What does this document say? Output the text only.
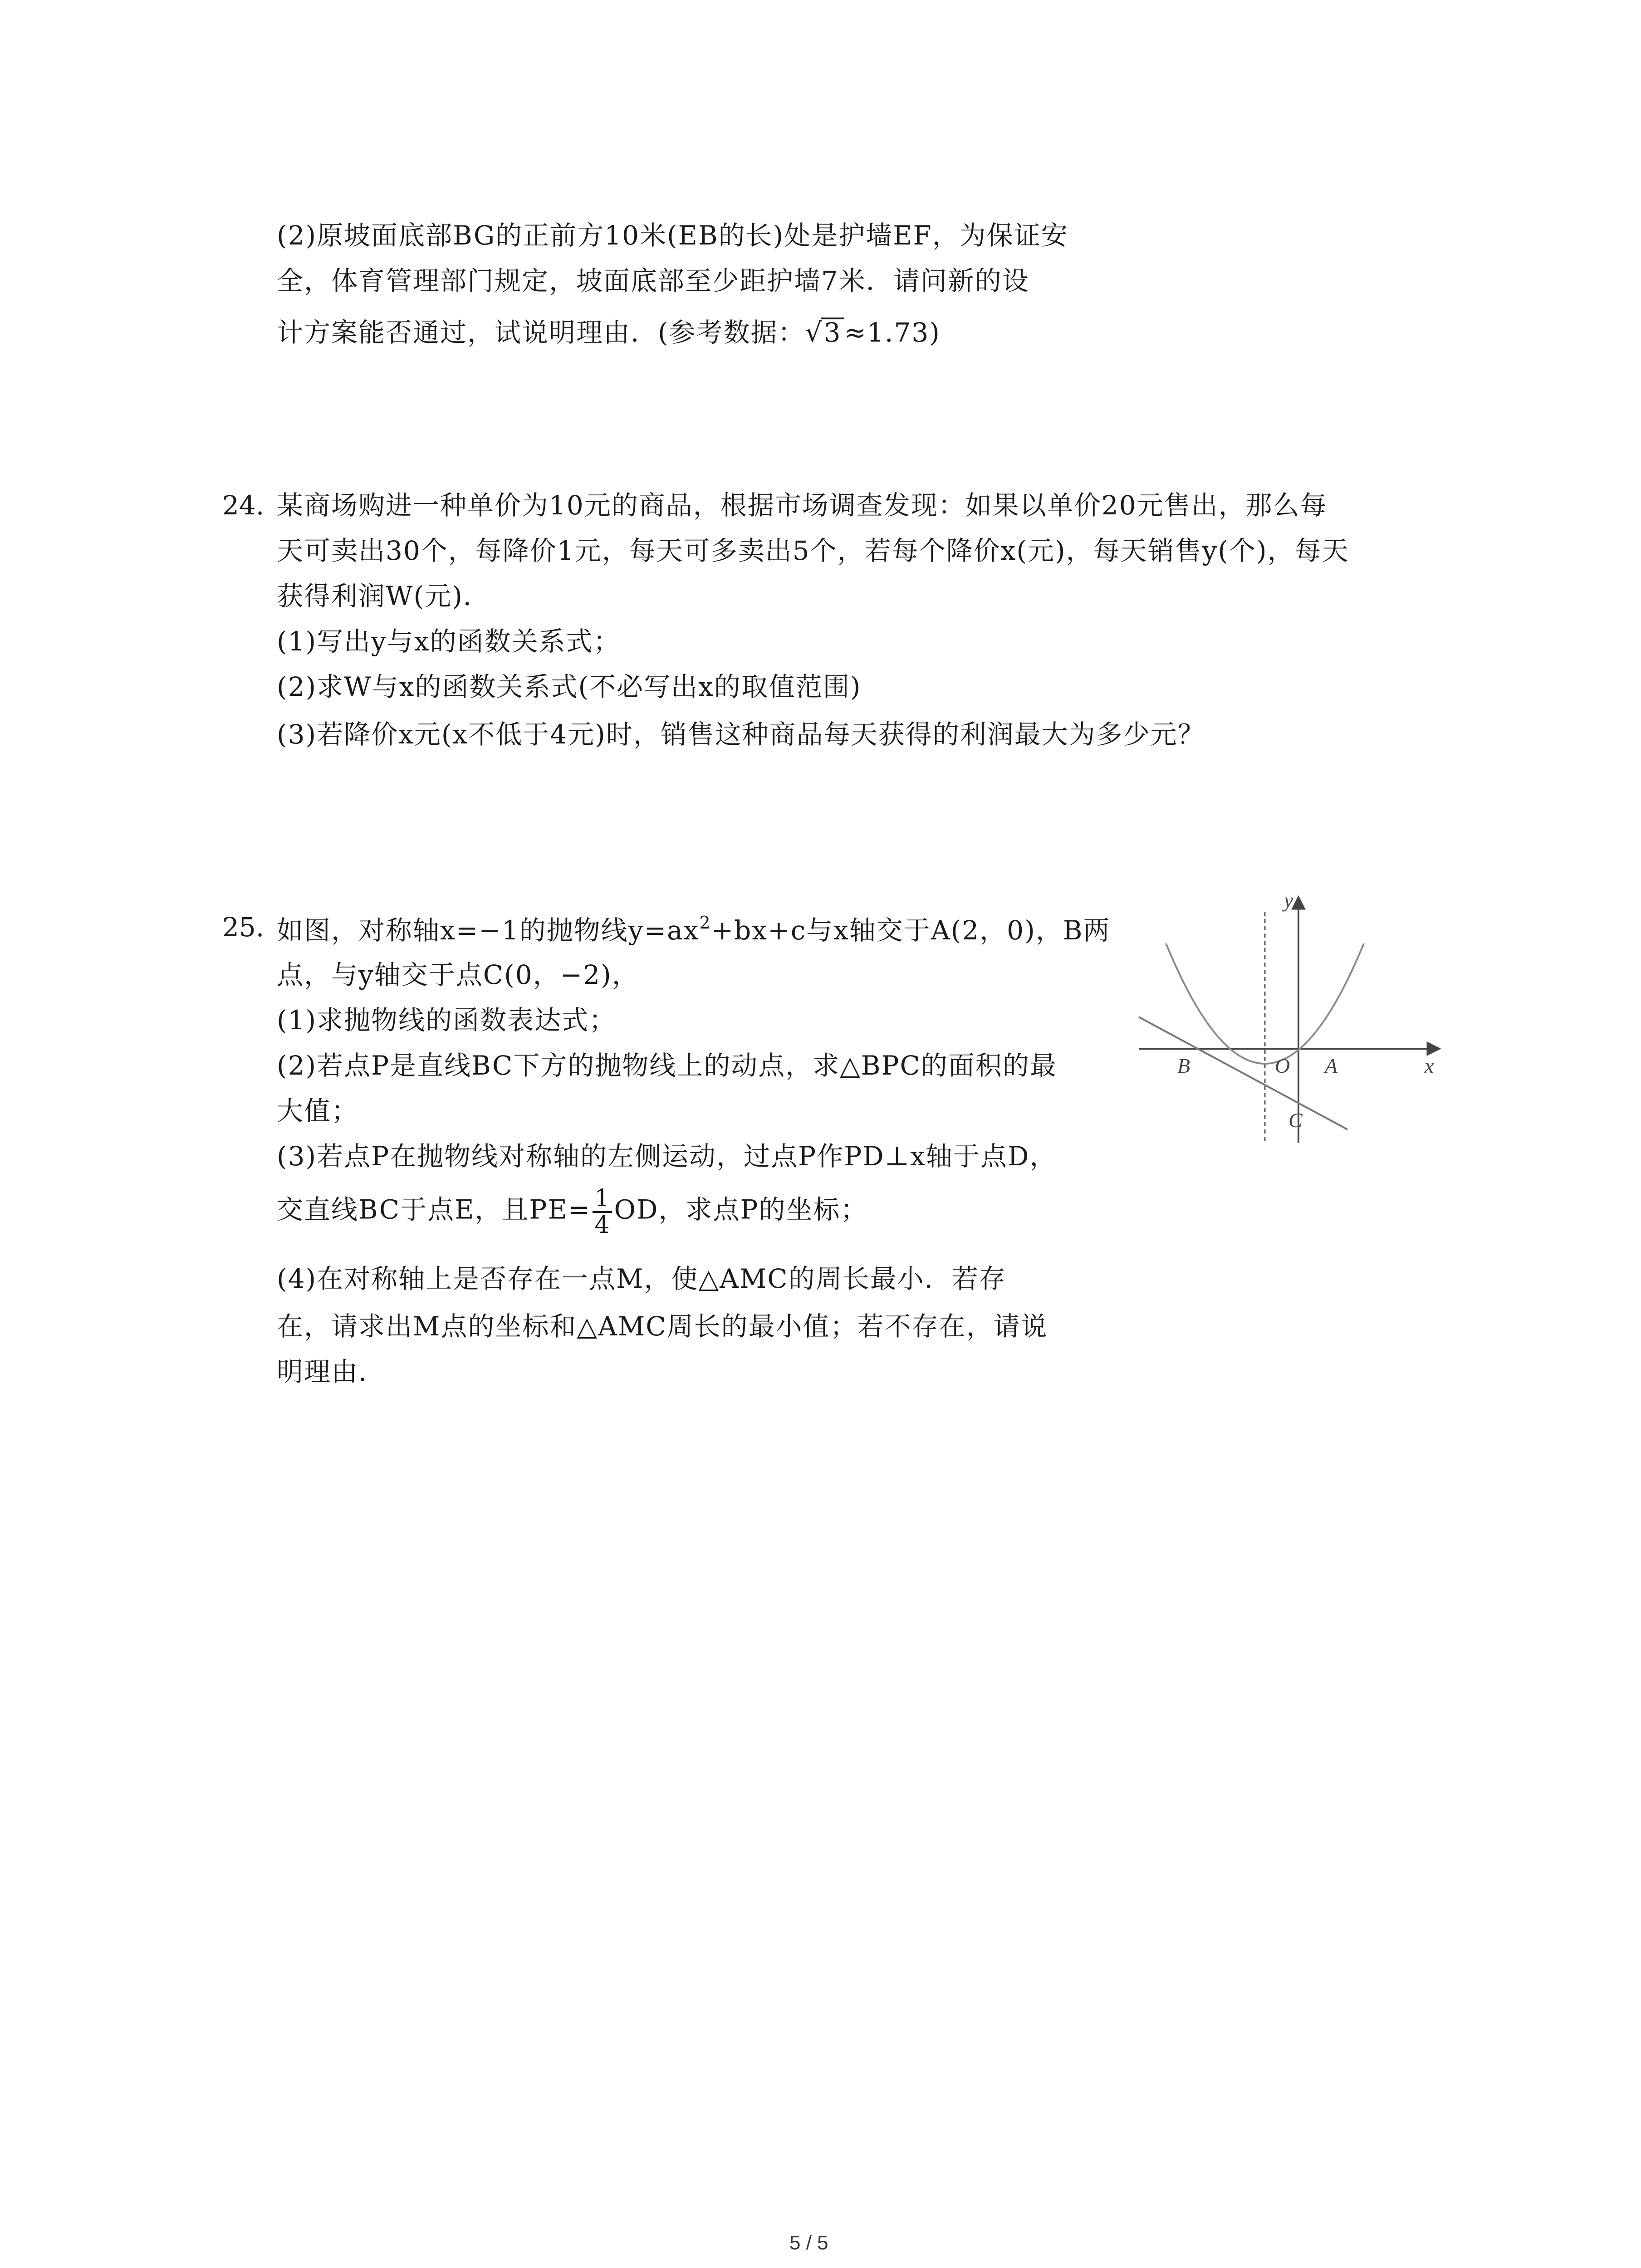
(2)原坡面底部BG的正前方10米(EB的长)处是护墙EF，为保证安
全，体育管理部门规定，坡面底部至少距护墙7米．请问新的设
计方案能否通过，试说明理由．(参考数据：√3 ≈1.73)
24. 某商场购进一种单价为10元的商品，根据市场调查发现：如果以单价20元售出，那么每
天可卖出30个，每降价1元，每天可多卖出5个，若每个降价x(元)，每天销售y(个)，每天
获得利润W(元)．
(1)写出y与x的函数关系式；
(2)求W与x的函数关系式(不必写出x的取值范围)
(3)若降价x元(x不低于4元)时，销售这种商品每天获得的利润最大为多少元？
25. 如图，对称轴x=−1的抛物线$y=ax^2+bx+c$与x轴交于A(2，0)，B两
点，与y轴交于点C(0，−2)，
(1)求抛物线的函数表达式；
(2)若点P是直线BC下方的抛物线上的动点，求△BPC的面积的最
大值；
(3)若点P在抛物线对称轴的左侧运动，过点P作PD⊥x轴于点D，
交直线BC于点E，且$PE= \frac{1}{4}$ OD，求点P的坐标；
(4)在对称轴上是否存在一点M，使△AMC的周长最小．若存
在，请求出M点的坐标和△AMC周长的最小值；若不存在，请说
明理由．
y
x
B	O A
C
5 / 5
